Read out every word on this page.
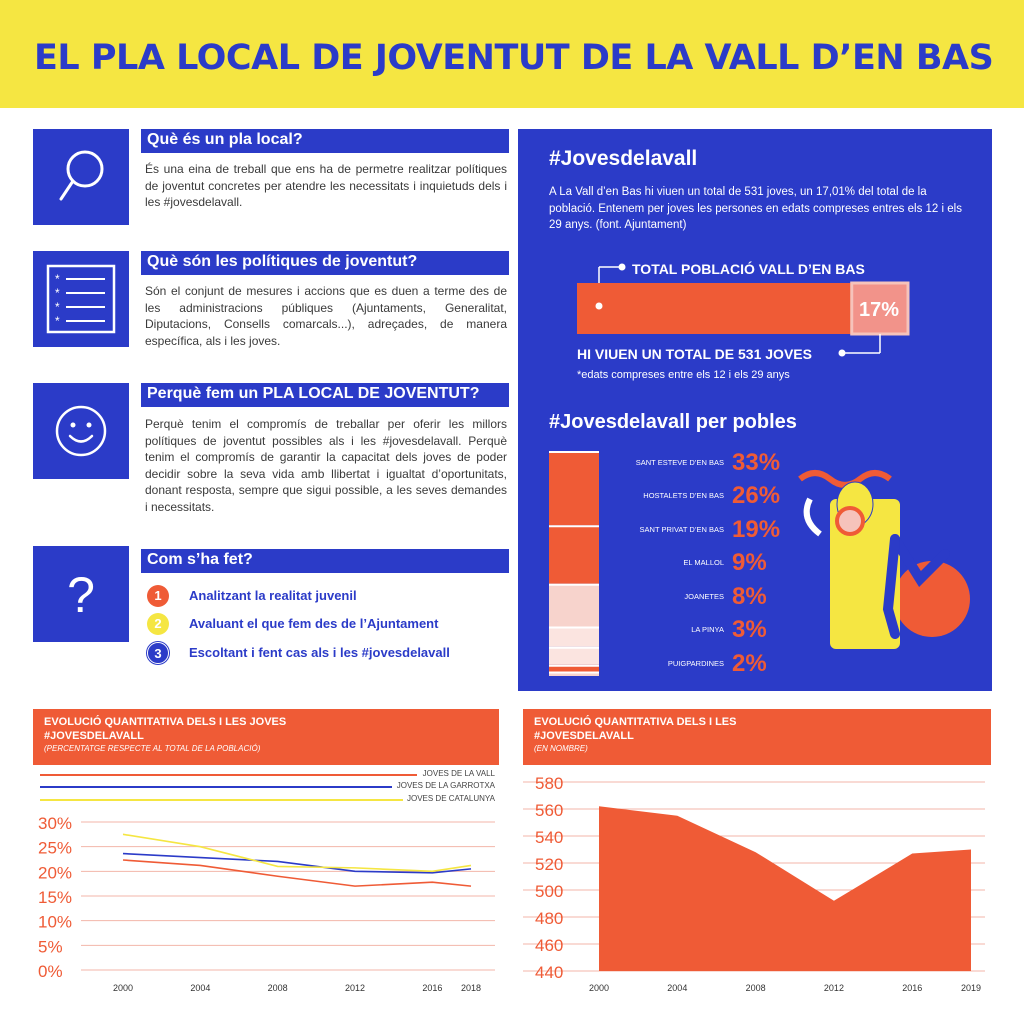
EL PLA LOCAL DE JOVENTUT DE LA VALL D’EN BAS
Què és un pla local?
És una eina de treball que ens ha de permetre realitzar polítiques de joventut concretes per atendre les necessitats i inquietuds dels i les #jovesdelavall.
*
*
*
*
Què són les polítiques de joventut?
Són el conjunt de mesures i accions que es duen a terme des de les administracions públiques (Ajuntaments, Generalitat, Diputacions, Consells comarcals...), adreçades, de manera específica, als i les joves.
Perquè fem un PLA LOCAL DE JOVENTUT?
Perquè tenim el compromís de treballar per oferir les millors polítiques de joventut possibles als i les #jovesdelavall. Perquè tenim el compromís de garantir la capacitat dels joves de poder decidir sobre la seva vida amb llibertat i igualtat d’oportunitats, donant resposta, sempre que sigui possible, a les seves demandes i necessitats.
?
Com s’ha fet?
1	Analitzant la realitat juvenil
2	Avaluant el que fem des de l’Ajuntament
3	Escoltant i fent cas als i les #jovesdelavall
#Jovesdelavall
A La Vall d’en Bas hi viuen un total de 531 joves, un 17,01% del total de la població. Entenem per joves les persones en edats compreses entres els 12 i els 29 anys. (font. Ajuntament)
TOTAL POBLACIÓ VALL D’EN BAS
17%
HI VIUEN UN TOTAL DE 531 JOVES
*edats compreses entre els 12 i els 29 anys
#Jovesdelavall per pobles
SANT ESTEVE D’EN BAS 33%
HOSTALETS D’EN BAS 26%
SANT PRIVAT D’EN BAS 19%
EL MALLOL 9%
JOANETES 8%
LA PINYA 3%
PUIGPARDINES 2%
EVOLUCIÓ QUANTITATIVA DELS I LES JOVES #JOVESDELAVALL
(PERCENTATGE RESPECTE AL TOTAL DE LA POBLACIÓ)
JOVES DE LA VALL
JOVES DE LA GARROTXA
JOVES DE CATALUNYA
30%
25%
20%
15%
10%
5%
0%
2000	2004	2008	2012	2016 2018
EVOLUCIÓ QUANTITATIVA DELS I LES #JOVESDELAVALL
(EN NOMBRE)
580
560
540
520
500
480
460
440
2000	2004	2008	2012	2016	2019
